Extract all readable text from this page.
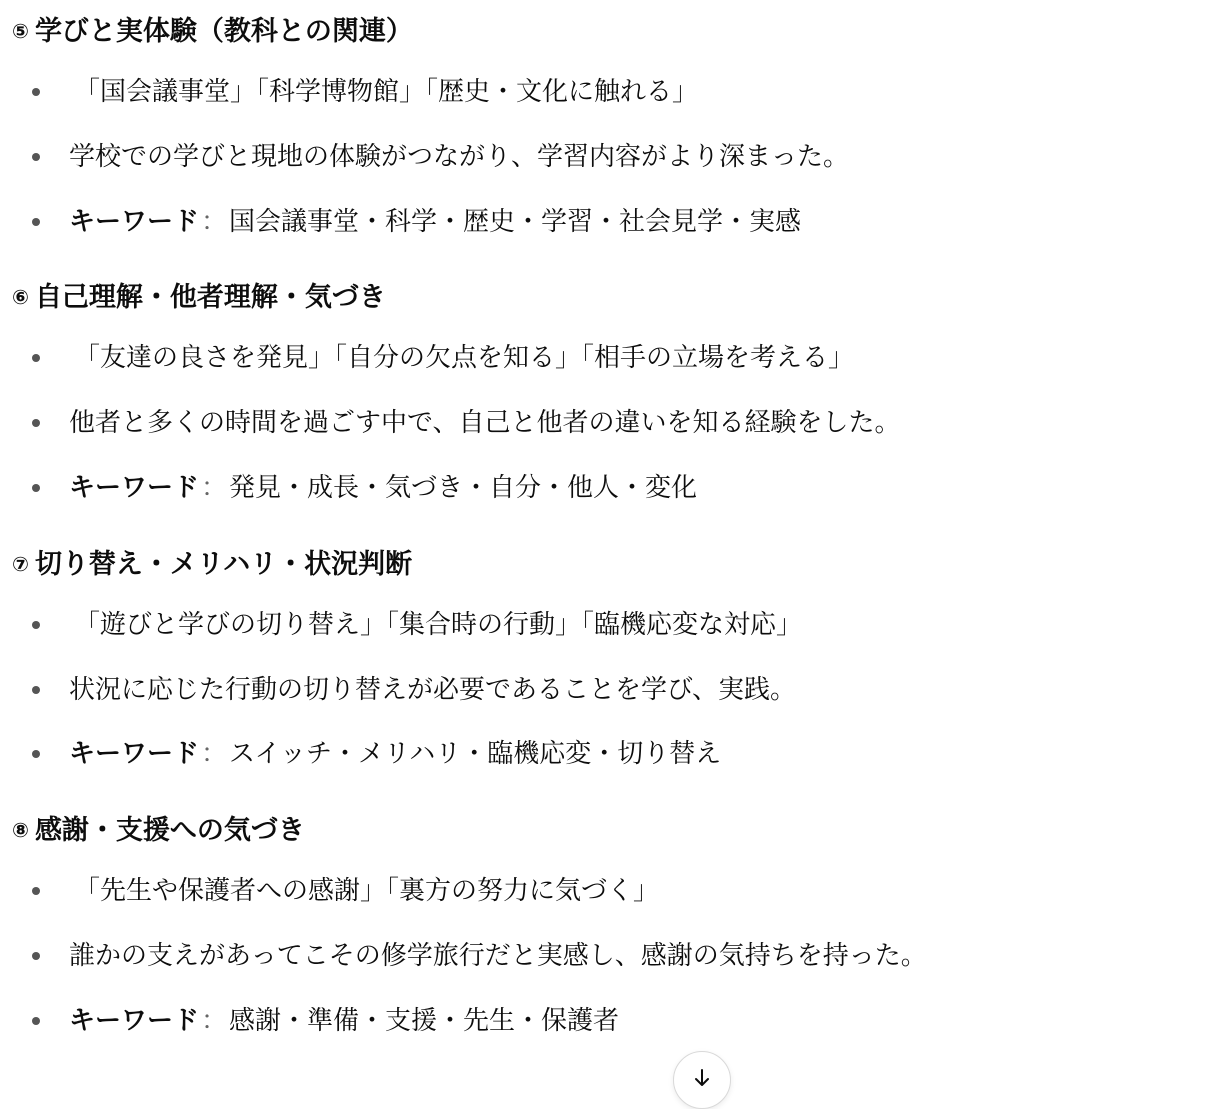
⑤ 学びと実体験（教科との関連）
「国会議事堂」「科学博物館」「歴史・文化に触れる」
学校での学びと現地の体験がつながり、学習内容がより深まった。
キーワード：国会議事堂・科学・歴史・学習・社会見学・実感
⑥ 自己理解・他者理解・気づき
「友達の良さを発見」「自分の欠点を知る」「相手の立場を考える」
他者と多くの時間を過ごす中で、自己と他者の違いを知る経験をした。
キーワード：発見・成長・気づき・自分・他人・変化
⑦ 切り替え・メリハリ・状況判断
「遊びと学びの切り替え」「集合時の行動」「臨機応変な対応」
状況に応じた行動の切り替えが必要であることを学び、実践。
キーワード：スイッチ・メリハリ・臨機応変・切り替え
⑧ 感謝・支援への気づき
「先生や保護者への感謝」「裏方の努力に気づく」
誰かの支えがあってこその修学旅行だと実感し、感謝の気持ちを持った。
キーワード：感謝・準備・支援・先生・保護者
